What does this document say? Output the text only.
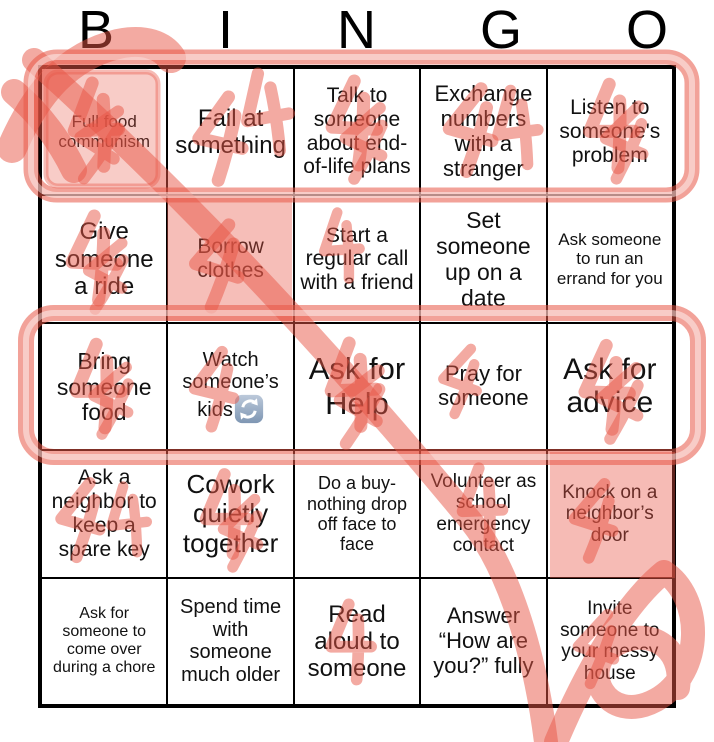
B I N G O
Full food communism
Fail at something
Talk to someone about end-of-life plans
Exchange numbers with a stranger
Listen to someone's problem
Give someone a ride
Borrow clothes
Start a regular call with a friend
Set someone up on a date
Ask someone to run an errand for you
Bring someone food
Watch someone’s kids
Ask for Help
Pray for someone
Ask for advice
Ask a neighbor to keep a spare key
Cowork quietly together
Do a buy-nothing drop off face to face
Volunteer as school emergency contact
Knock on a neighbor’s door
Ask for someone to come over during a chore
Spend time with someone much older
Read aloud to someone
Answer “How are you?” fully
Invite someone to your messy house
